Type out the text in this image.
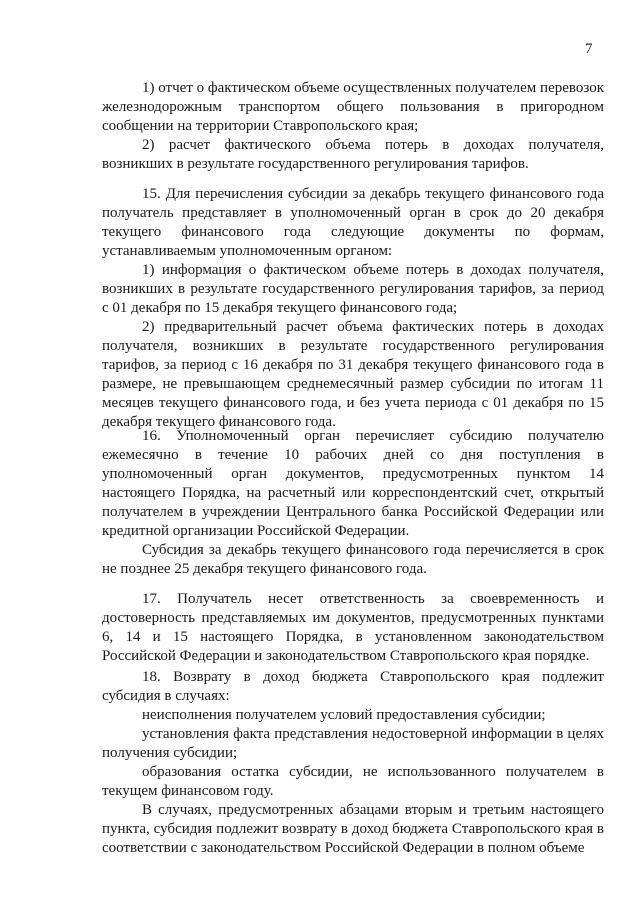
7

1) отчет о фактическом объеме осуществленных получателем перевозок железнодорожным транспортом общего пользования в пригородном сообщении на территории Ставропольского края;

2) расчет фактического объема потерь в доходах получателя, возникших в результате государственного регулирования тарифов.

15. Для перечисления субсидии за декабрь текущего финансового года получатель представляет в уполномоченный орган в срок до 20 декабря текущего финансового года следующие документы по формам, устанавливаемым уполномоченным органом:

1) информация о фактическом объеме потерь в доходах получателя, возникших в результате государственного регулирования тарифов, за период с 01 декабря по 15 декабря текущего финансового года;

2) предварительный расчет объема фактических потерь в доходах получателя, возникших в результате государственного регулирования тарифов, за период с 16 декабря по 31 декабря текущего финансового года в размере, не превышающем среднемесячный размер субсидии по итогам 11 месяцев текущего финансового года, и без учета периода с 01 декабря по 15 декабря текущего финансового года.

16. Уполномоченный орган перечисляет субсидию получателю ежемесячно в течение 10 рабочих дней со дня поступления в уполномоченный орган документов, предусмотренных пунктом 14 настоящего Порядка, на расчетный или корреспондентский счет, открытый получателем в учреждении Центрального банка Российской Федерации или кредитной организации Российской Федерации.

Субсидия за декабрь текущего финансового года перечисляется в срок не позднее 25 декабря текущего финансового года.

17. Получатель несет ответственность за своевременность и достоверность представляемых им документов, предусмотренных пунктами 6, 14 и 15 настоящего Порядка, в установленном законодательством Российской Федерации и законодательством Ставропольского края порядке.

18. Возврату в доход бюджета Ставропольского края подлежит субсидия в случаях:

неисполнения получателем условий предоставления субсидии;

установления факта представления недостоверной информации в целях получения субсидии;

образования остатка субсидии, не использованного получателем в текущем финансовом году.

В случаях, предусмотренных абзацами вторым и третьим настоящего пункта, субсидия подлежит возврату в доход бюджета Ставропольского края в соответствии с законодательством Российской Федерации в полном объеме
